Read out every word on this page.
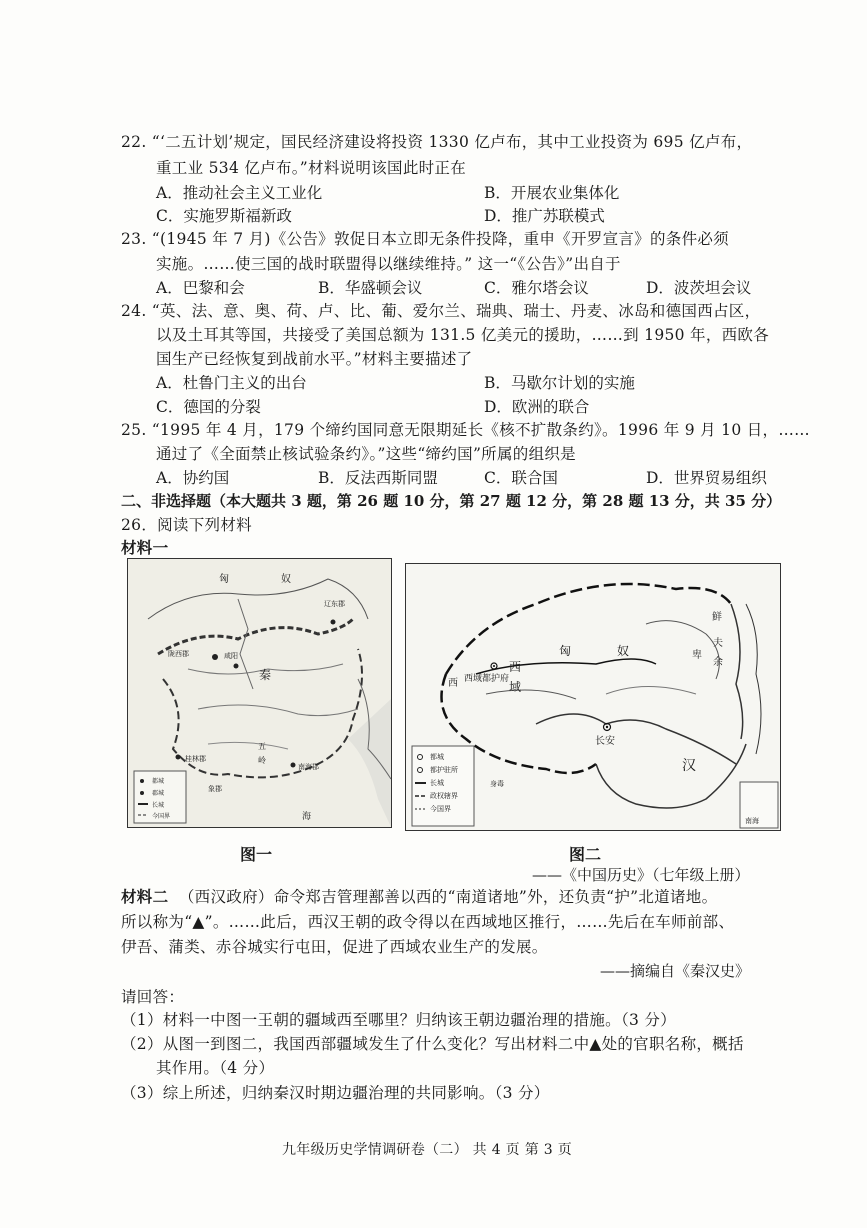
22. “‘二五计划’规定，国民经济建设将投资 1330 亿卢布，其中工业投资为 695 亿卢布，
重工业 534 亿卢布。”材料说明该国此时正在
A．推动社会主义工业化	B．开展农业集体化
C．实施罗斯福新政	D．推广苏联模式
23. “(1945 年 7 月)《公告》敦促日本立即无条件投降，重申《开罗宣言》的条件必须
实施。……使三国的战时联盟得以继续维持。” 这一“《公告》”出自于
A．巴黎和会	B．华盛顿会议	C．雅尔塔会议	D．波茨坦会议
24. “英、法、意、奥、荷、卢、比、葡、爱尔兰、瑞典、瑞士、丹麦、冰岛和德国西占区，
以及土耳其等国，共接受了美国总额为 131.5 亿美元的援助，……到 1950 年，西欧各
国生产已经恢复到战前水平。”材料主要描述了
A．杜鲁门主义的出台	B．马歇尔计划的实施
C．德国的分裂	D．欧洲的联合
25. “1995 年 4 月，179 个缔约国同意无限期延长《核不扩散条约》。1996 年 9 月 10 日，……
通过了《全面禁止核试验条约》。”这些“缔约国”所属的组织是
A．协约国	B．反法西斯同盟	C．联合国	D．世界贸易组织
二、非选择题（本大题共 3 题，第 26 题 10 分，第 27 题 12 分，第 28 题 13 分，共 35 分）
26．阅读下列材料
材料一
匈	奴
辽东郡
咸阳
陇西郡
秦
五
岭
南海郡
桂林郡
象郡
海
都城
郡城
长城
今国界
匈	奴
西
域
西 西域都护府
长安
汉
鲜
卑
夫
余
南海
身毒
都城
都护驻所
长城
政权辖界
今国界
图一	图二
——《中国历史》（七年级上册）
材料二 （西汉政府）命令郑吉管理鄯善以西的“南道诸地”外，还负责“护”北道诸地。
所以称为“▲”。……此后，西汉王朝的政令得以在西域地区推行，……先后在车师前部、
伊吾、蒲类、赤谷城实行屯田，促进了西域农业生产的发展。
——摘编自《秦汉史》
请回答：
（1）材料一中图一王朝的疆域西至哪里？归纳该王朝边疆治理的措施。（3 分）
（2）从图一到图二，我国西部疆域发生了什么变化？写出材料二中▲处的官职名称，概括
其作用。（4 分）
（3）综上所述，归纳秦汉时期边疆治理的共同影响。（3 分）
九年级历史学情调研卷（二） 共 4 页 第 3 页
